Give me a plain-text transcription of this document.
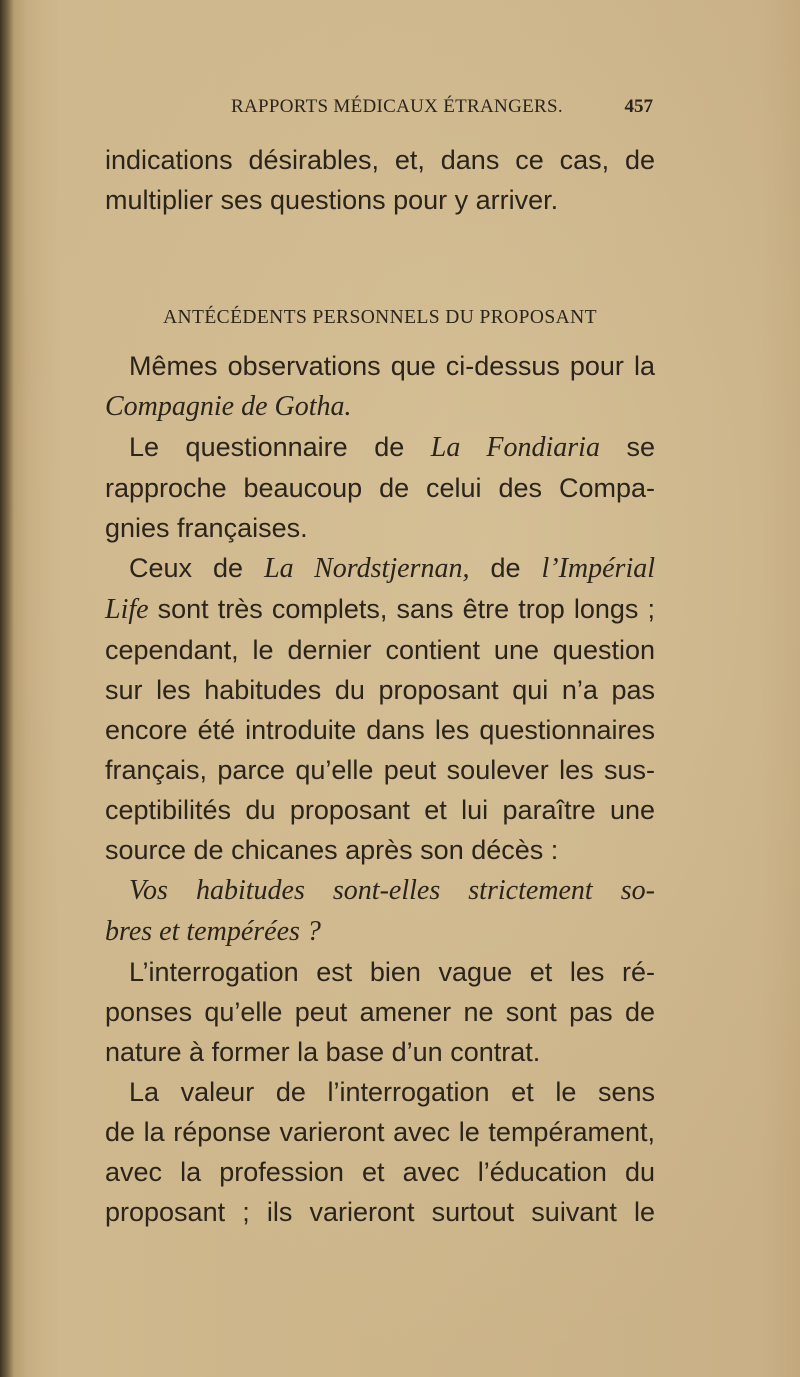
RAPPORTS MÉDICAUX ÉTRANGERS.	457

indications désirables, et, dans ce cas, de

multiplier ses questions pour y arriver.

ANTÉCÉDENTS PERSONNELS DU PROPOSANT

Mêmes observations que ci-dessus pour la

Compagnie de Gotha.

Le questionnaire de La Fondiaria se

rapproche beaucoup de celui des Compa-

gnies françaises.

Ceux de La Nordstjernan, de l’Impérial

Life sont très complets, sans être trop longs ;

cependant, le dernier contient une question

sur les habitudes du proposant qui n’a pas

encore été introduite dans les questionnaires

français, parce qu’elle peut soulever les sus-

ceptibilités du proposant et lui paraître une

source de chicanes après son décès :

Vos habitudes sont-elles strictement so-

bres et tempérées ?

L’interrogation est bien vague et les ré-

ponses qu’elle peut amener ne sont pas de

nature à former la base d’un contrat.

La valeur de l’interrogation et le sens

de la réponse varieront avec le tempérament,

avec la profession et avec l’éducation du

proposant ; ils varieront surtout suivant le
